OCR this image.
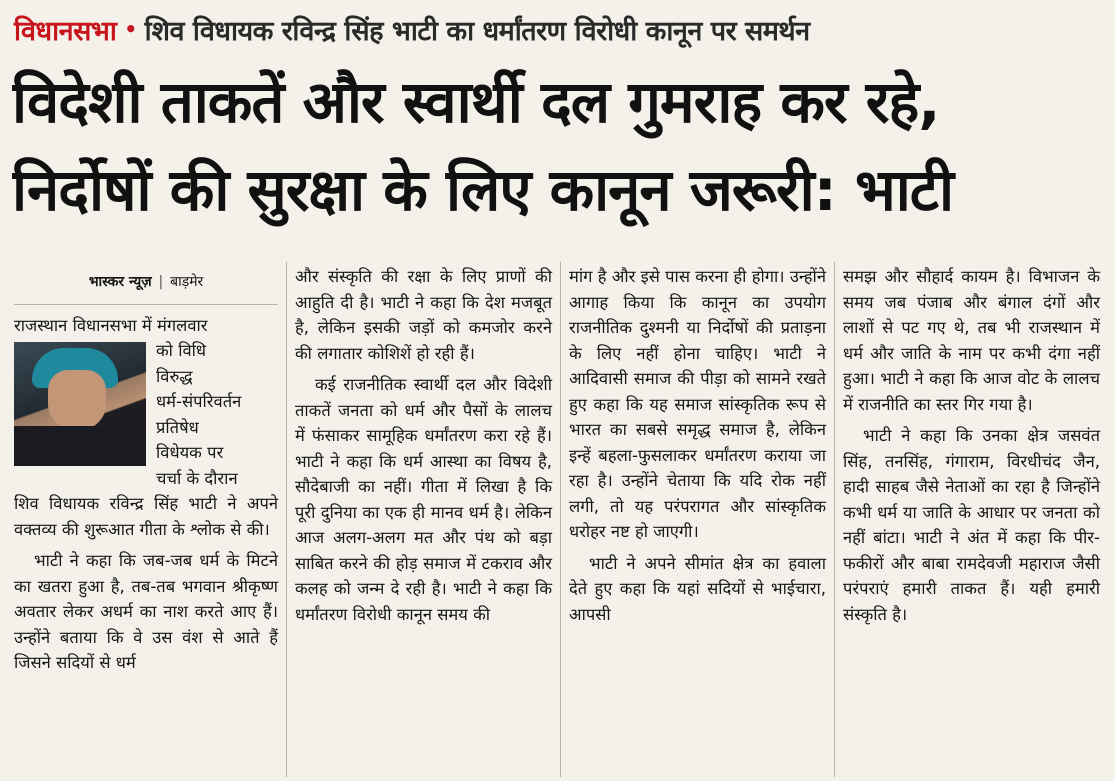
विधानसभा • शिव विधायक रविन्द्र सिंह भाटी का धर्मांतरण विरोधी कानून पर समर्थन
विदेशी ताकतें और स्वार्थी दल गुमराह कर रहे,
निर्दोषों की सुरक्षा के लिए कानून जरूरी: भाटी
भास्कर न्यूज़ | बाड़मेर

राजस्थान विधानसभा में मंगलवार

को विधि
विरुद्ध
धर्म-संपरिवर्तन
प्रतिषेध
विधेयक पर
चर्चा के दौरान

शिव विधायक रविन्द्र सिंह भाटी ने अपने वक्तव्य की शुरूआत गीता के श्लोक से की।

भाटी ने कहा कि जब-जब धर्म के मिटने का खतरा हुआ है, तब-तब भगवान श्रीकृष्ण अवतार लेकर अधर्म का नाश करते आए हैं। उन्होंने बताया कि वे उस वंश से आते हैं जिसने सदियों से धर्म

और संस्कृति की रक्षा के लिए प्राणों की आहुति दी है। भाटी ने कहा कि देश मजबूत है, लेकिन इसकी जड़ों को कमजोर करने की लगातार कोशिशें हो रही हैं।

कई राजनीतिक स्वार्थी दल और विदेशी ताकतें जनता को धर्म और पैसों के लालच में फंसाकर सामूहिक धर्मांतरण करा रहे हैं। भाटी ने कहा कि धर्म आस्था का विषय है, सौदेबाजी का नहीं। गीता में लिखा है कि पूरी दुनिया का एक ही मानव धर्म है। लेकिन आज अलग-अलग मत और पंथ को बड़ा साबित करने की होड़ समाज में टकराव और कलह को जन्म दे रही है। भाटी ने कहा कि धर्मांतरण विरोधी कानून समय की

मांग है और इसे पास करना ही होगा। उन्होंने आगाह किया कि कानून का उपयोग राजनीतिक दुश्मनी या निर्दोषों की प्रताड़ना के लिए नहीं होना चाहिए। भाटी ने आदिवासी समाज की पीड़ा को सामने रखते हुए कहा कि यह समाज सांस्कृतिक रूप से भारत का सबसे समृद्ध समाज है, लेकिन इन्हें बहला-फुसलाकर धर्मांतरण कराया जा रहा है। उन्होंने चेताया कि यदि रोक नहीं लगी, तो यह परंपरागत और सांस्कृतिक धरोहर नष्ट हो जाएगी।

भाटी ने अपने सीमांत क्षेत्र का हवाला देते हुए कहा कि यहां सदियों से भाईचारा, आपसी

समझ और सौहार्द कायम है। विभाजन के समय जब पंजाब और बंगाल दंगों और लाशों से पट गए थे, तब भी राजस्थान में धर्म और जाति के नाम पर कभी दंगा नहीं हुआ। भाटी ने कहा कि आज वोट के लालच में राजनीति का स्तर गिर गया है।

भाटी ने कहा कि उनका क्षेत्र जसवंत सिंह, तनसिंह, गंगाराम, विरधीचंद जैन, हादी साहब जैसे नेताओं का रहा है जिन्होंने कभी धर्म या जाति के आधार पर जनता को नहीं बांटा। भाटी ने अंत में कहा कि पीर-फकीरों और बाबा रामदेवजी महाराज जैसी परंपराएं हमारी ताकत हैं। यही हमारी संस्कृति है।
